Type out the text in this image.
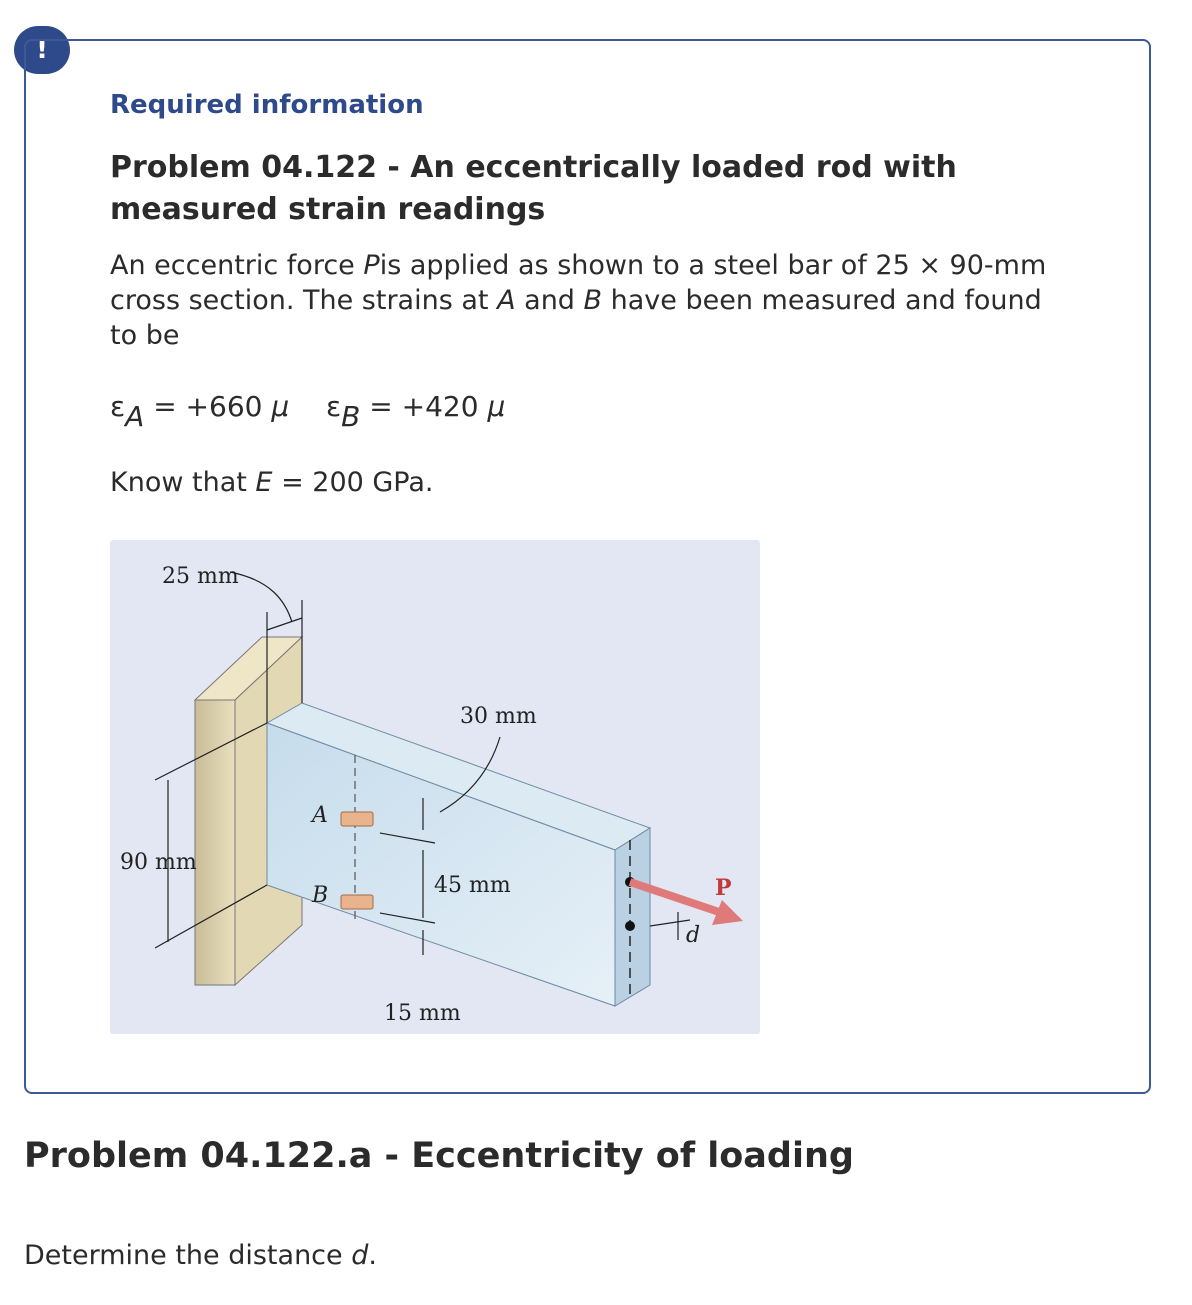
!
Required information
Problem 04.122 - An eccentrically loaded rod with measured strain readings
An eccentric force Pis applied as shown to a steel bar of 25 × 90-mm cross section. The strains at A and B have been measured and found to be
$\varepsilon_A = +660$ μ $\varepsilon_B = +420$ μ
Know that E = 200 GPa.
25 mm
30 mm
90 mm
45 mm
15 mm
A
B	P
d
Problem 04.122.a - Eccentricity of loading
Determine the distance d.
